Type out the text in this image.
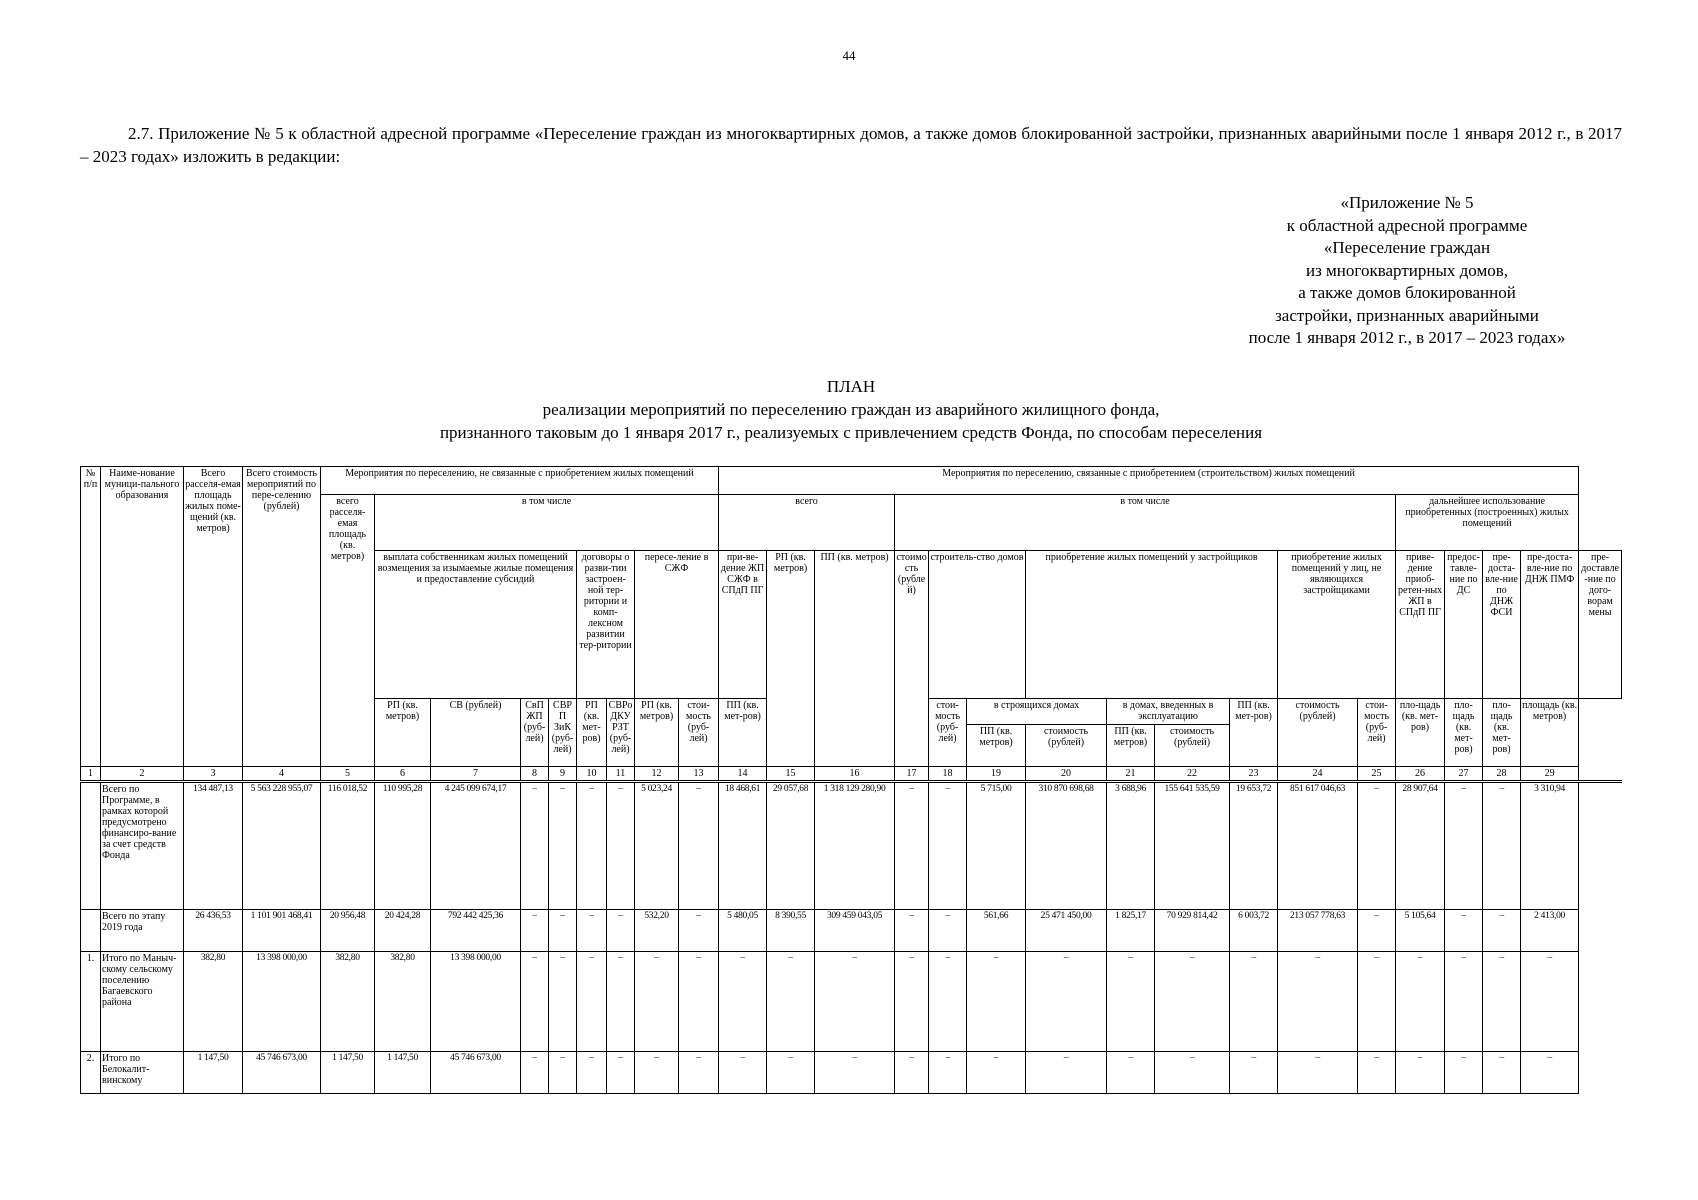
44
2.7. Приложение № 5 к областной адресной программе «Переселение граждан из многоквартирных домов, а также домов блокированной застройки, признанных аварийными после 1 января 2012 г., в 2017 – 2023 годах» изложить в редакции:
«Приложение № 5
к областной адресной программе
«Переселение граждан
из многоквартирных домов,
а также домов блокированной
застройки, признанных аварийными
после 1 января 2012 г., в 2017 – 2023 годах»
ПЛАН
реализации мероприятий по переселению граждан из аварийного жилищного фонда,
признанного таковым до 1 января 2017 г., реализуемых с привлечением средств Фонда, по способам переселения
№ п/п	Наиме-нование муници-пального образования	Всего расселя-емая площадь жилых поме-щений (кв. метров)	Всего стоимость мероприятий по пере-селению (рублей)	Мероприятия по переселению, не связанные с приобретением жилых помещений									Мероприятия по переселению, связанные с приобретением (строительством) жилых помещений																
				всего расселя-емая площадь (кв. метров)	в том числе								всего			в том числе									дальнейшее использование приобретенных (построенных) жилых помещений				
					выплата собственникам жилых помещений возмещения за изымаемые жилые помещения и предоставление субсидий				договоры о разви-тии застроен-ной тер-ритории и комп-лексном развитии тер-ритории		пересе-ление в СЖФ		при-ве-дение ЖП СЖФ в СПдП ПГ	РП (кв. метров)	ПП (кв. метров)	стоимость (рублей)	строитель-ство домов		приобретение жилых помещений у застройщиков				приобретение жилых помещений у лиц, не являющихся застройщиками		приве-дение приоб-ретен-ных ЖП в СПдП ПГ	предос-тавле-ние по ДС	пре-доста-вле-ние по ДНЖ ФСИ	пре-доста-вле-ние по ДНЖ ПМФ	пре-доставле-ние по дого-ворам мены
					РП (кв. метров)	СВ (рублей)	СвПЖП (руб-лей)	СВРП ЗиК (руб-лей)	РП (кв. мет-ров)	СВРо ДКУ РЗТ (руб-лей)	РП (кв. метров)	стои-мость (руб-лей)	ПП (кв. мет-ров)				стои-мость (руб-лей)	в строящихся домах		в домах, введенных в эксплуатацию		ПП (кв. мет-ров)	стоимость (рублей)	стои-мость (руб-лей)	пло-щадь (кв. мет-ров)	пло-щадь (кв. мет-ров)	пло-щадь (кв. мет-ров)	площадь (кв. метров)	
																		ПП (кв. метров)	стоимость (рублей)	ПП (кв. метров)	стоимость (рублей)								
1	2	3	4	5	6	7	8	9	10	11	12	13	14	15	16	17	18	19	20	21	22	23	24	25	26	27	28	29	
	Всего по Программе, в рамках которой предусмотрено финансиро-вание за счет средств Фонда	134 487,13	5 563 228 955,07	116 018,52	110 995,28	4 245 099 674,17	–	–	–	–	5 023,24	–	18 468,61	29 057,68	1 318 129 280,90	–	–	5 715,00	310 870 698,68	3 688,96	155 641 535,59	19 653,72	851 617 046,63	–	28 907,64	–	–	3 310,94	
	Всего по этапу 2019 года	26 436,53	1 101 901 468,41	20 956,48	20 424,28	792 442 425,36	–	–	–	–	532,20	–	5 480,05	8 390,55	309 459 043,05	–	–	561,66	25 471 450,00	1 825,17	70 929 814,42	6 003,72	213 057 778,63	–	5 105,64	–	–	2 413,00	
1.	Итого по Маныч-скому сельскому поселению Багаевского района	382,80	13 398 000,00	382,80	382,80	13 398 000,00	–	–	–	–	–	–	–	–	–	–	–	–	–	–	–	–	–	–	–	–	–	–	
2.	Итого по Белокалит-винскому	1 147,50	45 746 673,00	1 147,50	1 147,50	45 746 673,00	–	–	–	–	–	–	–	–	–	–	–	–	–	–	–	–	–	–	–	–	–	–	
